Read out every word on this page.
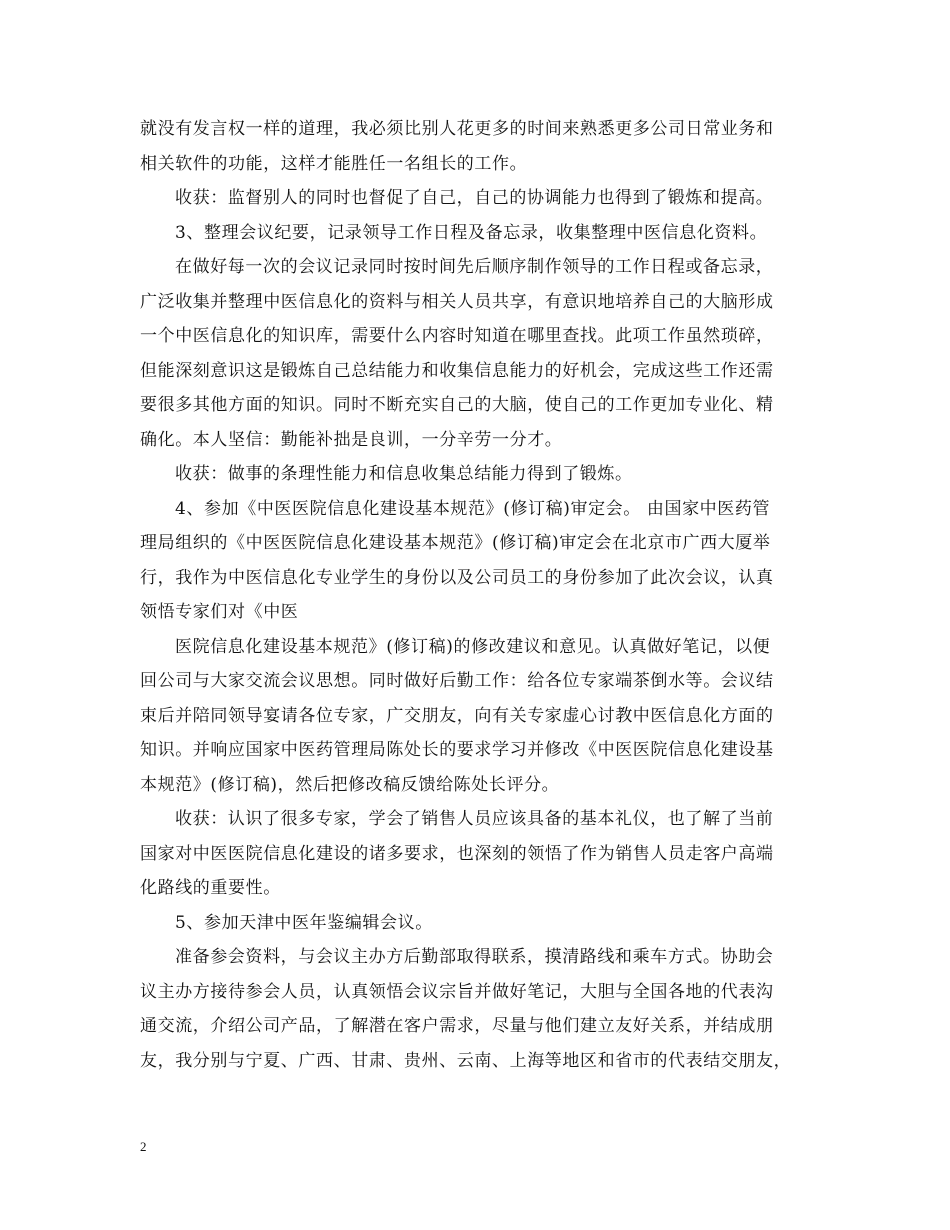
就没有发言权一样的道理，我必须比别人花更多的时间来熟悉更多公司日常业务和
相关软件的功能，这样才能胜任一名组长的工作。
收获：监督别人的同时也督促了自己，自己的协调能力也得到了锻炼和提高。
3、整理会议纪要，记录领导工作日程及备忘录，收集整理中医信息化资料。
在做好每一次的会议记录同时按时间先后顺序制作领导的工作日程或备忘录，
广泛收集并整理中医信息化的资料与相关人员共享，有意识地培养自己的大脑形成
一个中医信息化的知识库，需要什么内容时知道在哪里查找。此项工作虽然琐碎，
但能深刻意识这是锻炼自己总结能力和收集信息能力的好机会，完成这些工作还需
要很多其他方面的知识。同时不断充实自己的大脑，使自己的工作更加专业化、精
确化。本人坚信：勤能补拙是良训，一分辛劳一分才。
收获：做事的条理性能力和信息收集总结能力得到了锻炼。
4、参加《中医医院信息化建设基本规范》(修订稿)审定会。 由国家中医药管
理局组织的《中医医院信息化建设基本规范》(修订稿)审定会在北京市广西大厦举
行，我作为中医信息化专业学生的身份以及公司员工的身份参加了此次会议，认真
领悟专家们对《中医
医院信息化建设基本规范》(修订稿)的修改建议和意见。认真做好笔记，以便
回公司与大家交流会议思想。同时做好后勤工作：给各位专家端茶倒水等。会议结
束后并陪同领导宴请各位专家，广交朋友，向有关专家虚心讨教中医信息化方面的
知识。并响应国家中医药管理局陈处长的要求学习并修改《中医医院信息化建设基
本规范》(修订稿)，然后把修改稿反馈给陈处长评分。
收获：认识了很多专家，学会了销售人员应该具备的基本礼仪，也了解了当前
国家对中医医院信息化建设的诸多要求，也深刻的领悟了作为销售人员走客户高端
化路线的重要性。
5、参加天津中医年鉴编辑会议。
准备参会资料，与会议主办方后勤部取得联系，摸清路线和乘车方式。协助会
议主办方接待参会人员，认真领悟会议宗旨并做好笔记，大胆与全国各地的代表沟
通交流，介绍公司产品，了解潜在客户需求，尽量与他们建立友好关系，并结成朋
友，我分别与宁夏、广西、甘肃、贵州、云南、上海等地区和省市的代表结交朋友，
2
